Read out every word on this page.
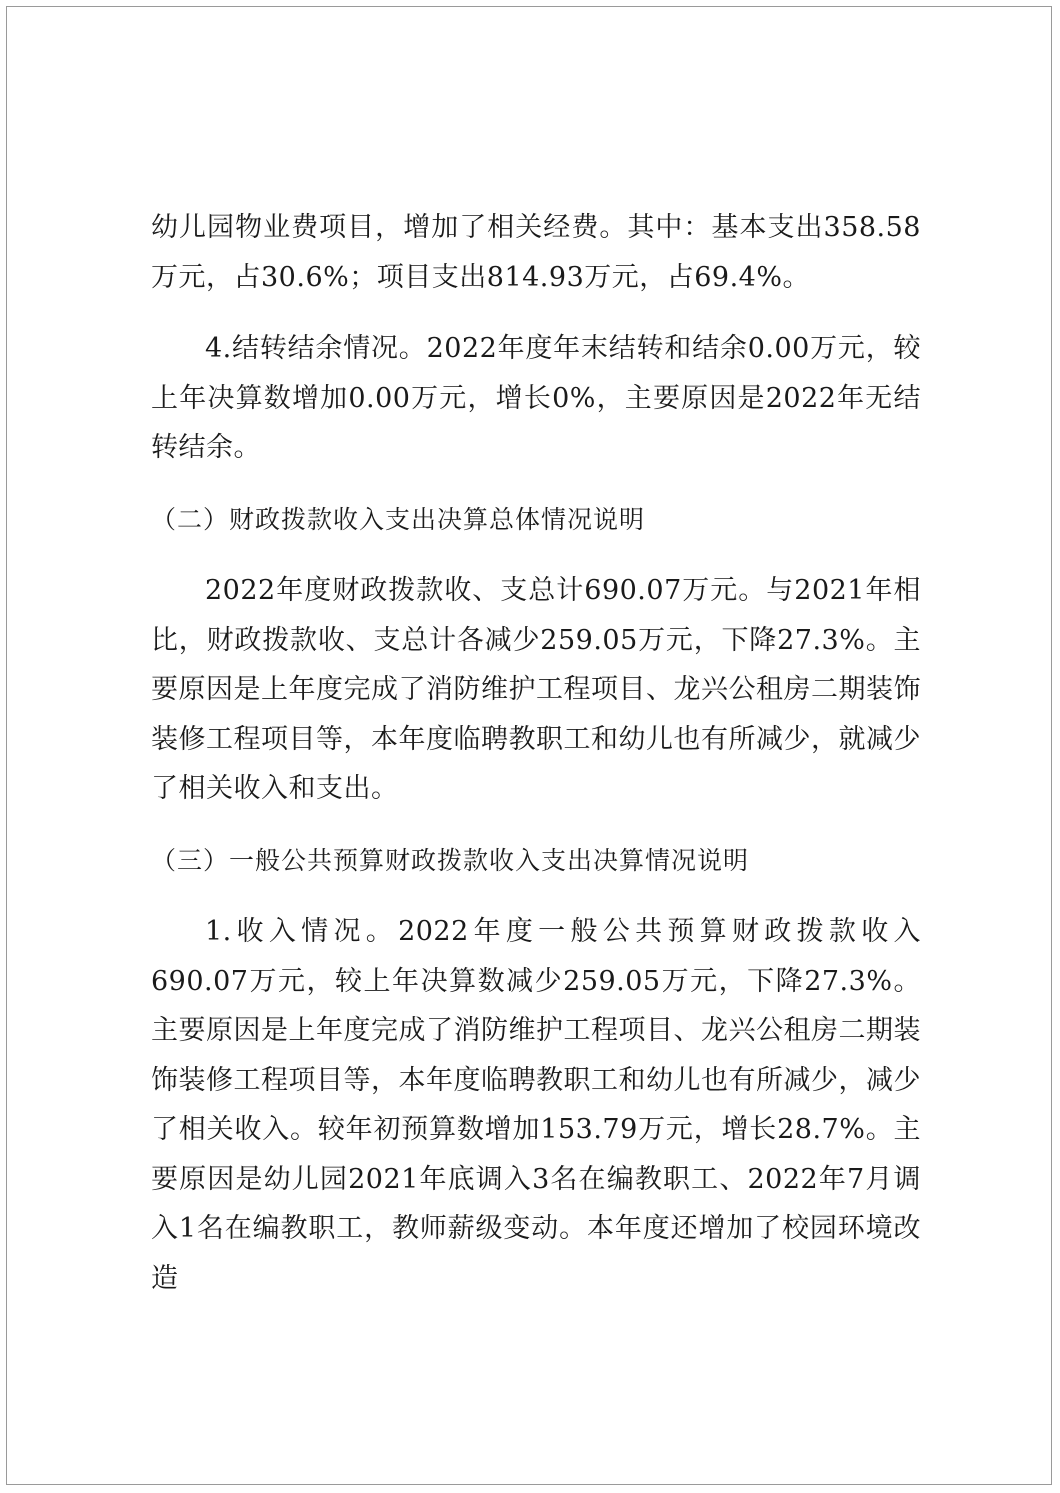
幼儿园物业费项目，增加了相关经费。其中：基本支出358.58万元，占30.6%；项目支出814.93万元，占69.4%。

4.结转结余情况。2022年度年末结转和结余0.00万元，较上年决算数增加0.00万元，增长0%，主要原因是2022年无结转结余。

（二）财政拨款收入支出决算总体情况说明

2022年度财政拨款收、支总计690.07万元。与2021年相比，财政拨款收、支总计各减少259.05万元，下降27.3%。主要原因是上年度完成了消防维护工程项目、龙兴公租房二期装饰装修工程项目等，本年度临聘教职工和幼儿也有所减少，就减少了相关收入和支出。

（三）一般公共预算财政拨款收入支出决算情况说明

1.收入情况。2022年度一般公共预算财政拨款收入690.07万元，较上年决算数减少259.05万元，下降27.3%。主要原因是上年度完成了消防维护工程项目、龙兴公租房二期装饰装修工程项目等，本年度临聘教职工和幼儿也有所减少，减少了相关收入。较年初预算数增加153.79万元，增长28.7%。主要原因是幼儿园2021年底调入3名在编教职工、2022年7月调入1名在编教职工，教师薪级变动。本年度还增加了校园环境改造
